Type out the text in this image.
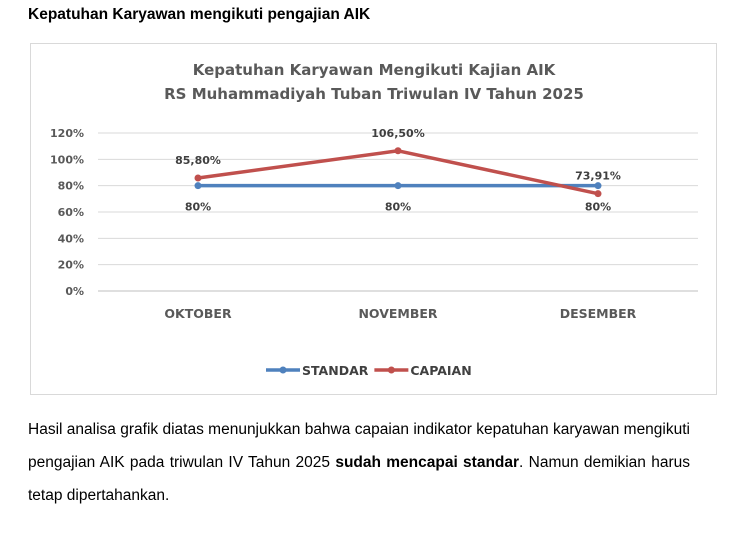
Kepatuhan Karyawan mengikuti pengajian AIK
Kepatuhan Karyawan Mengikuti Kajian AIK
RS Muhammadiyah Tuban Triwulan IV Tahun 2025
0%
20%
40%
60%
80%
100%
120%
OKTOBER	NOVEMBER	DESEMBER
80%	80%	80%
85,80%
106,50%
73,91%
STANDAR	CAPAIAN

Hasil analisa grafik diatas menunjukkan bahwa capaian indikator kepatuhan karyawan mengikuti pengajian AIK pada triwulan IV Tahun 2025 sudah mencapai standar. Namun demikian harus tetap dipertahankan.
